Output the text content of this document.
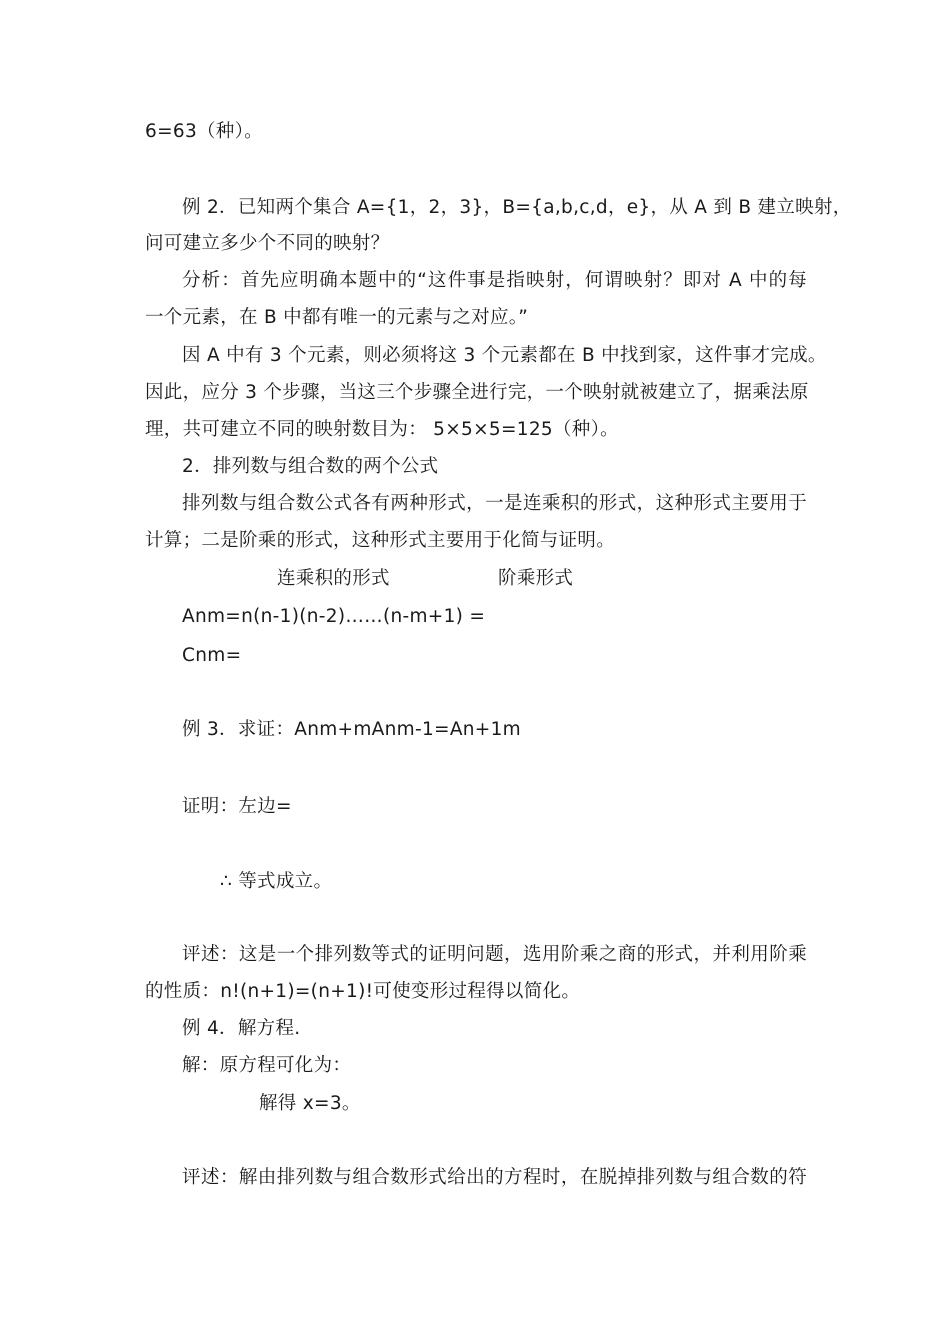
6=63（种）。
例 2．已知两个集合 A={1，2，3}，B={a,b,c,d，e}，从 A 到 B 建立映射，
问可建立多少个不同的映射？
分析：首先应明确本题中的“这件事是指映射，何谓映射？即对 A 中的每
一个元素，在 B 中都有唯一的元素与之对应。”
因 A 中有 3 个元素，则必须将这 3 个元素都在 B 中找到家，这件事才完成。
因此，应分 3 个步骤，当这三个步骤全进行完，一个映射就被建立了，据乘法原
理，共可建立不同的映射数目为： 5×5×5=125（种）。
2．排列数与组合数的两个公式
排列数与组合数公式各有两种形式，一是连乘积的形式，这种形式主要用于
计算；二是阶乘的形式，这种形式主要用于化简与证明。
连乘积的形式	阶乘形式
Anm=n(n-1)(n-2)……(n-m+1) =
Cnm=
例 3．求证：Anm+mAnm-1=An+1m
证明：左边=
∴ 等式成立。
评述：这是一个排列数等式的证明问题，选用阶乘之商的形式，并利用阶乘
的性质：n!(n+1)=(n+1)!可使变形过程得以简化。
例 4．解方程.
解：原方程可化为：
解得 x=3。
评述：解由排列数与组合数形式给出的方程时，在脱掉排列数与组合数的符
